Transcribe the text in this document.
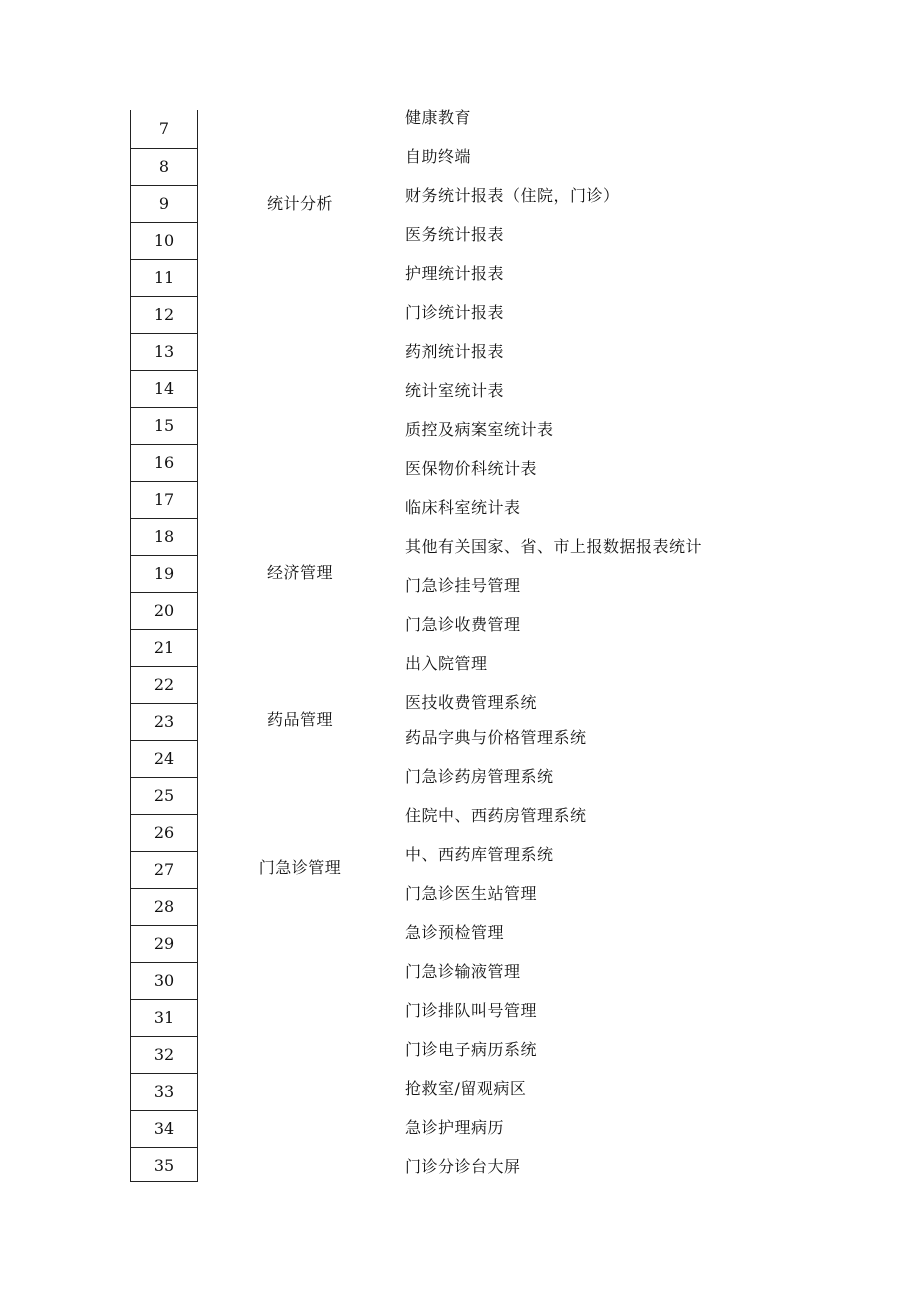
7
8
9
10
11
12
13
14
15
16
17
18
19
20
21
22
23
24
25
26
27
28
29
30
31
32
33
34
35
统计分析
经济管理
药品管理
门急诊管理
健康教育
自助终端
财务统计报表（住院，门诊）
医务统计报表
护理统计报表
门诊统计报表
药剂统计报表
统计室统计表
质控及病案室统计表
医保物价科统计表
临床科室统计表
其他有关国家、省、市上报数据报表统计
门急诊挂号管理
门急诊收费管理
出入院管理
医技收费管理系统
药品字典与价格管理系统
门急诊药房管理系统
住院中、西药房管理系统
中、西药库管理系统
门急诊医生站管理
急诊预检管理
门急诊输液管理
门诊排队叫号管理
门诊电子病历系统
抢救室/留观病区
急诊护理病历
门诊分诊台大屏
